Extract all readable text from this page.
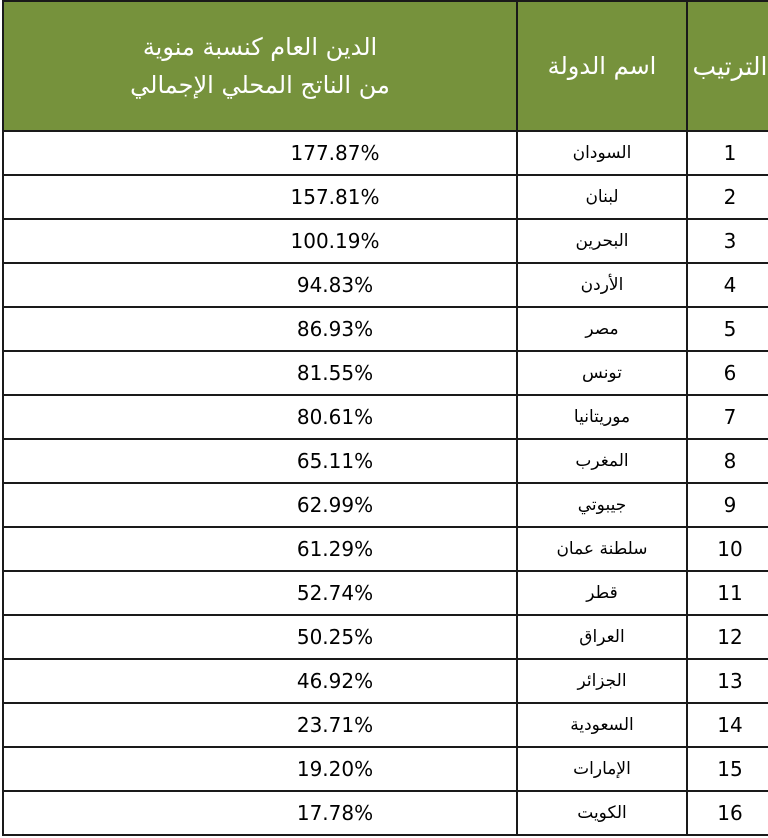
الترتيب	اسم الدولة	الدين العام كنسبة منوية
من الناتج المحلي الإجمالي

1	السودان	177.87%
2	لبنان	157.81%
3	البحرين	100.19%
4	الأردن	94.83%
5	مصر	86.93%
6	تونس	81.55%
7	موريتانيا	80.61%
8	المغرب	65.11%
9	جيبوتي	62.99%
10	سلطنة عمان	61.29%
11	قطر	52.74%
12	العراق	50.25%
13	الجزائر	46.92%
14	السعودية	23.71%
15	الإمارات	19.20%
16	الكويت	17.78%
